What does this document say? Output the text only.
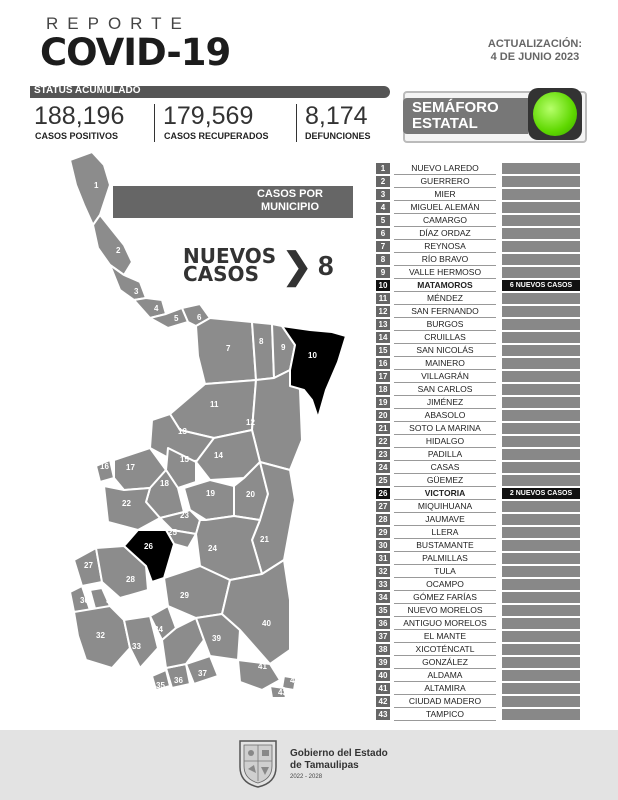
REPORTE
COVID-19	ACTUALIZACIÓN:
4 DE JUNIO 2023
STATUS ACUMULADO
188,196
CASOS POSITIVOS
179,569
CASOS RECUPERADOS
8,174
DEFUNCIONES
SEMÁFORO
ESTATAL
1
2
3
4
5 6
7
8
9
10
11
12
13
14
15
16 17
18
19	20
21
22
23
24
25
26
27
28
29
30 31
32
33
34
35
36
37
38
39
40
41
42
43
CASOS POR
MUNICIPIO
NUEVOS
CASOS ❯ 8
1	NUEVO LAREDO
2	GUERRERO
3	MIER
4	MIGUEL ALEMÁN
5	CAMARGO
6	DÍAZ ORDAZ
7	REYNOSA
8	RÍO BRAVO
9	VALLE HERMOSO
10	MATAMOROS	6 NUEVOS CASOS
11	MÉNDEZ
12	SAN FERNANDO
13	BURGOS
14	CRUILLAS
15	SAN NICOLÁS
16	MAINERO
17	VILLAGRÁN
18	SAN CARLOS
19	JIMÉNEZ
20	ABASOLO
21	SOTO LA MARINA
22	HIDALGO
23	PADILLA
24	CASAS
25	GÜEMEZ
26	VICTORIA	2 NUEVOS CASOS
27	MIQUIHUANA
28	JAUMAVE
29	LLERA
30	BUSTAMANTE
31	PALMILLAS
32	TULA
33	OCAMPO
34	GÓMEZ FARÍAS
35	NUEVO MORELOS
36	ANTIGUO MORELOS
37	EL MANTE
38	XICOTÉNCATL
39	GONZÁLEZ
40	ALDAMA
41	ALTAMIRA
42	CIUDAD MADERO
43	TAMPICO
Gobierno del Estado
de Tamaulipas
2022 - 2028
